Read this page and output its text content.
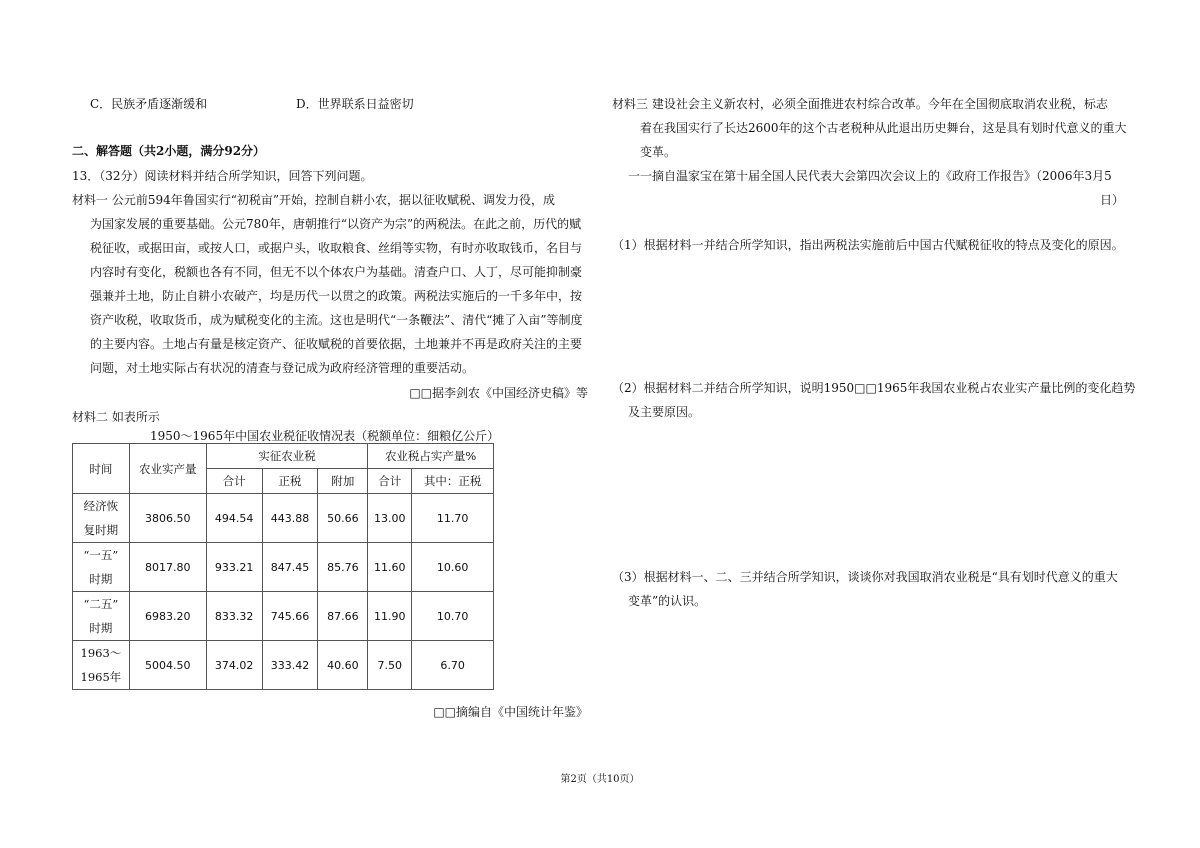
C．民族矛盾逐渐缓和	D．世界联系日益密切
二、解答题（共2小题，满分92分）
13．（32分）阅读材料并结合所学知识，回答下列问题。
材料一 公元前594年鲁国实行“初税亩”开始，控制自耕小农，据以征收赋税、调发力役，成
为国家发展的重要基础。公元780年，唐朝推行“以资产为宗”的两税法。在此之前，历代的赋
税征收，或据田亩，或按人口，或据户头，收取粮食、丝绢等实物，有时亦收取钱币，名目与
内容时有变化，税额也各有不同，但无不以个体农户为基础。清查户口、人丁，尽可能抑制豪
强兼并土地，防止自耕小农破产，均是历代一以贯之的政策。两税法实施后的一千多年中，按
资产收税，收取货币，成为赋税变化的主流。这也是明代“一条鞭法”、清代“摊了入亩”等制度
的主要内容。土地占有量是核定资产、征收赋税的首要依据，土地兼并不再是政府关注的主要
问题，对土地实际占有状况的清查与登记成为政府经济管理的重要活动。
□□据李剑农《中国经济史稿》等
材料二 如表所示
1950～1965年中国农业税征收情况表（税额单位：细粮亿公斤）
时间	农业实产量	实征农业税			农业税占实产量%	
		合计	正税	附加	合计	其中：正税
经济恢
复时期	3806.50	494.54	443.88	50.66	13.00	11.70
“一五”
时期	8017.80	933.21	847.45	85.76	11.60	10.60
“二五”
时期	6983.20	833.32	745.66	87.66	11.90	10.70
1963～
1965年	5004.50	374.02	333.42	40.60	7.50	6.70
□□摘编自《中国统计年鉴》
材料三 建设社会主义新农村，必须全面推进农村综合改革。今年在全国彻底取消农业税，标志
着在我国实行了长达2600年的这个古老税种从此退出历史舞台，这是具有划时代意义的重大
变革。
一一摘自温家宝在第十届全国人民代表大会第四次会议上的《政府工作报告》（2006年3月5
日）
（1）根据材料一并结合所学知识，指出两税法实施前后中国古代赋税征收的特点及变化的原因。
（2）根据材料二并结合所学知识，说明1950□□1965年我国农业税占农业实产量比例的变化趋势
及主要原因。
（3）根据材料一、二、三并结合所学知识，谈谈你对我国取消农业税是“具有划时代意义的重大
变革”的认识。
第2页（共10页）
